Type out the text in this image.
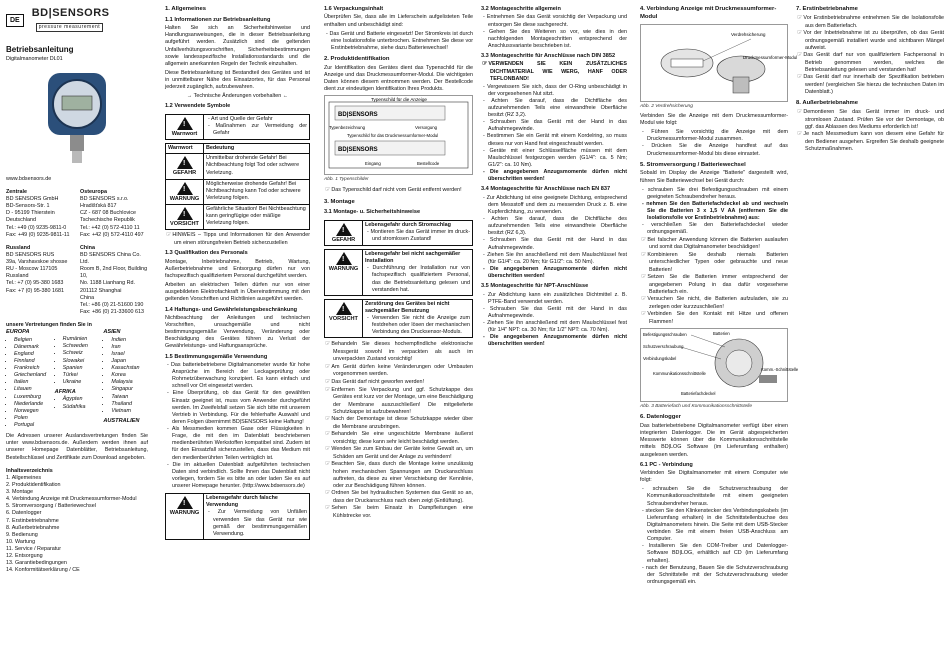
DE
BD|SENSORSpressure measurement
Betriebsanleitung
Digitalmanometer DL01
www.bdsensors.de
Zentrale
BD SENSORS GmbH
BD-Sensors-Str. 1
D - 95199 Thierstein
Deutschland
Tel.: +49 (0) 9235-9811-0
Fax: +49 (0) 9235-9811-11
Osteuropa
BD SENSORS s.r.o.
Hradišťská 817
CZ - 687 08 Buchlovice
Tschechische Republik
Tel.: +42 (0) 572-4110 11
Fax: +42 (0) 572-4110 497
Russland
BD SENSORS RUS
39a, Varshavskoe shosse
RU - Moscow 117105
Russland
Tel.: +7 (0) 95-380 1683
Fax: +7 (0) 95-380 1681
China
BD SENSORS China Co. Ltd.
Room B, 2nd Floor, Building 10,
No. 1188 Lianhang Rd.
201112 Shanghai
China
Tel.: +86 (0) 21-51600 190
Fax: +86 (0) 21-33600 613
unsere Vertretungen finden Sie in
EUROPA
• Belgien
• Dänemark
• England
• Finnland
• Frankreich
• Griechenland
• Italien
• Litauen
• Luxemburg
• Niederlande
• Norwegen
• Polen
• Portugal
• Rumänien
• Schweden
• Schweiz
• Slowakei
• Spanien
• Türkei
• Ukraine
AFRIKA
• Ägypten
• Südafrika
ASIEN
• Indien
• Iran
• Israel
• Japan
• Kasachstan
• Korea
• Malaysia
• Singapur
• Taiwan
• Thailand
• Vietnam
AUSTRALIEN

Die Adressen unserer Auslandsvertretungen finden Sie unter www.bdsensors.de. Außerdem werden ihnen auf unserer Homepage Datenblätter, Betriebsanleitung, Bestellschlüssel und Zertifikate zum Download angeboten.

Inhaltsverzeichnis
1. Allgemeines
2. Produktidentifikation
3. Montage
4. Verbindung Anzeige mit Druckmessumformer-Modul
5. Stromversorgung / Batteriewechsel
6. Datenlogger
7. Erstinbetriebnahme
8. Außerbetriebnahme
9. Bedienung
10. Wartung
11. Service / Reparatur
12. Entsorgung
13. Garantiebedingungen
14. Konformitätserklärung / CE
1. Allgemeines
1.1 Informationen zur Betriebsanleitung

Halten Sie sich an Sicherheitshinweise und Handlungsanweisungen, die in dieser Betriebsanleitung aufgeführt werden. Zusätzlich sind die geltenden Unfallverhütungsvorschriften, Sicherheitsbestimmungen sowie landesspezifische Installationsstandards und die allgemein anerkannten Regeln der Technik einzuhalten.

Diese Betriebsanleitung ist Bestandteil des Gerätes und ist in unmittelbarer Nähe des Einsatzortes, für das Personal jederzeit zugänglich, aufzubewahren.

→ Technische Änderungen vorbehalten ←

1.2 Verwendete Symbole
!
Warnwort	
- Art und Quelle der Gefahr
- Maßnahmen zur Vermeidung der Gefahr
Warnwort	Bedeutung

!
GEFAHR	Unmittelbar drohende Gefahr! Bei Nichtbeachtung folgt Tod oder schwere Verletzung.

!
WARNUNG	Möglicherweise drohende Gefahr! Bei Nichtbeachtung kann Tod oder schwere Verletzung folgen.

!
VORSICHT	Gefährliche Situation! Bei Nichtbeachtung kann geringfügige oder mäßige Verletzung folgen.
☞ HINWEIS – Tipps und Informationen für den Anwender um einen störungsfreien Betrieb sicherzustellen
1.3 Qualifikation des Personals

Montage, Inbetriebnahme, Betrieb, Wartung, Außerbetriebnahme und Entsorgung dürfen nur von fachspezifisch qualifiziertem Personal durchgeführt werden.

Arbeiten an elektrischen Teilen dürfen nur von einer ausgebildeten Elektrofachkraft in Übereinstimmung mit den geltenden Vorschriften und Richtlinien ausgeführt werden.

1.4 Haftungs- und Gewährleistungsbeschränkung

Nichtbeachtung der Anleitungen und technischen Vorschriften, unsachgemäße und nicht bestimmungsgemäße Verwendung, Veränderung oder Beschädigung des Gerätes führen zu Verlust der Gewährleistungs- und Haftungsansprüche.

1.5 Bestimmungsgemäße Verwendung
- Das batteriebetriebene Digitalmanometer wurde für hohe Ansprüche im Bereich der Leckageprüfung oder Rohrnetzüberwachung konzipiert. Es kann einfach und schnell vor Ort eingesetzt werden.
- Eine Überprüfung, ob das Gerät für den gewählten Einsatz geeignet ist, muss vom Anwender durchgeführt werden. Im Zweifelsfall setzen Sie sich bitte mit unserem Vertrieb in Verbindung. Für die fehlerhafte Auswahl und deren Folgen übernimmt BD|SENSORS keine Haftung!
- Als Messmedien kommen Gase oder Flüssigkeiten in Frage, die mit den im Datenblatt beschriebenen medienberührten Werkstoffen kompatibel sind. Zudem ist für den Einsatzfall sicherzustellen, dass das Medium mit den medienberührten Teilen verträglich ist.
- Die im aktuellen Datenblatt aufgeführten technischen Daten sind verbindlich. Sollte Ihnen das Datenblatt nicht vorliegen, fordern Sie es bitte an oder laden Sie es auf unserer Homepage herunter. (http://www.bdsensors.de)
!
WARNUNG	
Lebensgefahr durch falsche Verwendung
- Zur Vermeidung von Unfällen verwenden Sie das Gerät nur wie gemäß der bestimmungsgemäßen Verwendung.
1.6 Verpackungsinhalt

Überprüfen Sie, dass alle im Lieferschein aufgelisteten Teile enthalten und unbeschädigt sind:

- Das Gerät und Batterie eingesetzt! Der Stromkreis ist durch eine Isolationsfolie unterbrochen. Entnehmen Sie diese vor Erstinbetriebnahme, siehe dazu Batteriewechsel!
2. Produktidentifikation

Zur Identifikation des Gerätes dient das Typenschild für die Anzeige und das Druckmessumformer-Modul. Die wichtigsten Daten können diesem entnommen werden. Der Bestellcode dient zur eindeutigen Identifikation Ihres Produkts.

Typenschild für die Anzeige
BD|SENSORS
Typenbezeichnung	Versorgung
Typenschild für das Druckmessumformer-Modul
BD|SENSORS
Eingang	Bestellcode
Abb. 1 Typenschilder
☞ Das Typenschild darf nicht vom Gerät entfernt werden!
3. Montage
3.1 Montage- u. Sicherheitshinweise
!
GEFAHR	
Lebensgefahr durch Stromschlag
- Montieren Sie das Gerät immer im druck- und stromlosen Zustand!
!
WARNUNG	
Lebensgefahr bei nicht sachgemäßer Installation
- Durchführung der Installation nur von fachspezifisch qualifiziertem Personal, das die Betriebsanleitung gelesen und verstanden hat.
!
VORSICHT	
Zerstörung des Gerätes bei nicht sachgemäßer Benutzung
- Verwenden Sie nicht die Anzeige zum festdrehen oder lösen der mechanischen Verbindung des Drucksensor-Moduls.
☞ Behandeln Sie dieses hochempfindliche elektronische Messgerät sowohl im verpackten als auch im unverpackten Zustand vorsichtig!
☞ Am Gerät dürfen keine Veränderungen oder Umbauten vorgenommen werden.
☞ Das Gerät darf nicht geworfen werden!
☞ Entfernen Sie Verpackung und ggf. Schutzkappe des Gerätes erst kurz vor der Montage, um eine Beschädigung der Membrane auszuschließen! Die mitgelieferte Schutzkappe ist aufzubewahren!
☞ Nach der Demontage ist diese Schutzkappe wieder über die Membrane anzubringen.
☞ Behandeln Sie eine ungeschützte Membrane äußerst vorsichtig; diese kann sehr leicht beschädigt werden.
☞ Wenden Sie zum Einbau der Geräte keine Gewalt an, um Schäden am Gerät und der Anlage zu verhindern!
☞ Beachten Sie, dass durch die Montage keine unzulässig hohen mechanischen Spannungen am Druckanschluss auftreten, da diese zu einer Verschiebung der Kennlinie, oder zur Beschädigung führen können.
☞ Ordnen Sie bei hydraulischen Systemen das Gerät so an, dass der Druckanschluss nach oben zeigt (Entlüftung).
☞ Sehen Sie beim Einsatz in Dampfleitungen eine Kühlstrecke vor.
3.2 Montageschritte allgemein
- Entnehmen Sie das Gerät vorsichtig der Verpackung und entsorgen Sie diese sachgerecht.
- Gehen Sie des Weiteren so vor, wie dies in den nachfolgenden Montageschritten entsprechend der Anschlussvariante beschrieben ist.
3.3 Montageschritte für Anschlüsse nach DIN 3852
☞ VERWENDEN SIE KEIN ZUSÄTZLICHES DICHTMATERIAL WIE WERG, HANF ODER TEFLONBAND!
- Vergewissern Sie sich, dass der O-Ring unbeschädigt in der vorgesehenen Nut sitzt.
- Achten Sie darauf, dass die Dichtfläche des aufzunehmenden Teils eine einwandfreie Oberfläche besitzt (RZ 3,2).
- Schrauben Sie das Gerät mit der Hand in das Aufnahmegewinde.
- Bestimmen Sie ein Gerät mit einem Kordelring, so muss dieses nur von Hand fest eingeschraubt werden.
- Geräte mit einer Schlüsselfläche müssen mit dem Maulschlüssel festgezogen werden (G1/4": ca. 5 Nm; G1/2": ca. 10 Nm).
- Die angegebenen Anzugsmomente dürfen nicht überschritten werden!
3.4 Montageschritte für Anschlüsse nach EN 837
- Zur Abdichtung ist eine geeignete Dichtung, entsprechend dem Messstoff und dem zu messenden Druck z. B. eine Kupferdichtung, zu verwenden.
- Achten Sie darauf, dass die Dichtfläche des aufzunehmenden Teils eine einwandfreie Oberfläche besitzt (RZ 6,3).
- Schrauben Sie das Gerät mit der Hand in das Aufnahmegewinde.
- Ziehen Sie ihn anschließend mit dem Maulschlüssel fest (für G1/4": ca. 20 Nm; für G1/2": ca. 50 Nm).
- Die angegebenen Anzugsmomente dürfen nicht überschritten werden!
3.5 Montageschritte für NPT-Anschlüsse
- Zur Abdichtung kann ein zusätzliches Dichtmittel z. B. PTFE-Band verwendet werden.
- Schrauben Sie das Gerät mit der Hand in das Aufnahmegewinde.
- Ziehen Sie ihn anschließend mit dem Maulschlüssel fest (für 1/4" NPT: ca. 30 Nm; für 1/2" NPT: ca. 70 Nm).
- Die angegebenen Anzugsmomente dürfen nicht überschritten werden!
4. Verbindung Anzeige mit Druckmessumformer-Modul
Verdrehsicherung
Druckmessumformer-Modul
Abb. 2 Verdrehsicherung

Verbinden Sie die Anzeige mit dem Druckmessumformer-Modul wie folgt:

- Führen Sie vorsichtig die Anzeige mit dem Druckmessumformer-Modul zusammen.
- Drücken Sie die Anzeige handfest auf das Druckmessumformer-Modul bis diese einrastet.
5. Stromversorgung / Batteriewechsel

Sobald im Display die Anzeige "Batterie" dargestellt wird, führen Sie Batteriewechsel bei Gerät durch:

- schrauben Sie drei Befestigungsschrauben mit einem geeigneten Schraubendreher heraus.
- nehmen Sie den Batteriefachdeckel ab und wechseln Sie die Batterien 3 x 1,5 V AA (entfernen Sie die Isolationsfolie vor Erstinbetriebnahme) aus:
- verschließen Sie den Batteriefachdeckel wieder ordnungsgemäß.
☞ Bei falscher Anwendung können die Batterien auslaufen und somit das Digitalmanometer beschädigen!
☞ Kombinieren Sie deshalb niemals Batterien unterschiedlicher Typen oder gebrauchte und neue Batterien!
☞ Setzen Sie die Batterien immer entsprechend der angegebenen Polung in das dafür vorgesehene Batteriefach ein.
☞ Versuchen Sie nicht, die Batterien aufzuladen, sie zu zerlegen oder kurzzuschließen!
☞ Verbinden Sie den Kontakt mit Hitze und offenen Flammen!
Befestigungsschrauben
Schutzverschraubung
Verbindungskabel
Batterien
Batteriefachdeckel
Kommunikationsschnittstelle
Komm.-Schnittstelle
Abb. 3 Batteriefach und Kommunikationsschnittstelle
6. Datenlogger

Das batteriebetriebene Digitalmanometer verfügt über einen integrierten Datenlogger. Die im Gerät abgespeicherten Messwerte können über die Kommunikationsschnittstelle mittels BD|LOG Software (im Lieferumfang enthalten) ausgelesen werden.

6.1 PC - Verbindung

Verbinden Sie Digitalmanometer mit einem Computer wie folgt:

- schrauben Sie die Schutzverschraubung der Kommunikationsschnittstelle mit einem geeigneten Schraubendreher heraus.
- stecken Sie den Klinkenstecker des Verbindungskabels (im Lieferumfang erhalten) in die Schnittstellenbuchse des Digitalmanometers hinein. Die Seite mit dem USB-Stecker verbinden Sie mit einem freien USB-Anschluss am Computer.
- Installieren Sie den COM-Treiber und Datenlogger-Software BD|LOG, erhältlich auf CD (im Lieferumfang erhalten).
- nach der Benutzung, Bauen Sie die Schutzverschraubung der Schnittstelle mit der Schutzverschraubung wieder ordnungsgemäß ein.
7. Erstinbetriebnahme
☞ Vor Erstinbetriebnahme entnehmen Sie die Isolationsfolie aus dem Batteriefach.
☞ Vor der Inbetriebnahme ist zu überprüfen, ob das Gerät ordnungsgemäß installiert wurde und sichtbaren Mängel aufweist.
☞ Das Gerät darf nur von qualifiziertem Fachpersonal in Betrieb genommen werden, welches die Betriebsanleitung gelesen und verstanden hat!
☞ Das Gerät darf nur innerhalb der Spezifikation betrieben werden! (vergleichen Sie hierzu die technischen Daten im Datenblatt.)
8. Außerbetriebnahme
☞ Demontieren Sie das Gerät immer im druck- und stromlosen Zustand. Prüfen Sie vor der Demontage, ob ggf. das Ablassen des Mediums erforderlich ist!
☞ Je nach Messmedium kann von diesem eine Gefahr für den Bediener ausgehen. Ergreifen Sie deshalb geeignete Schutzmaßnahmen.
